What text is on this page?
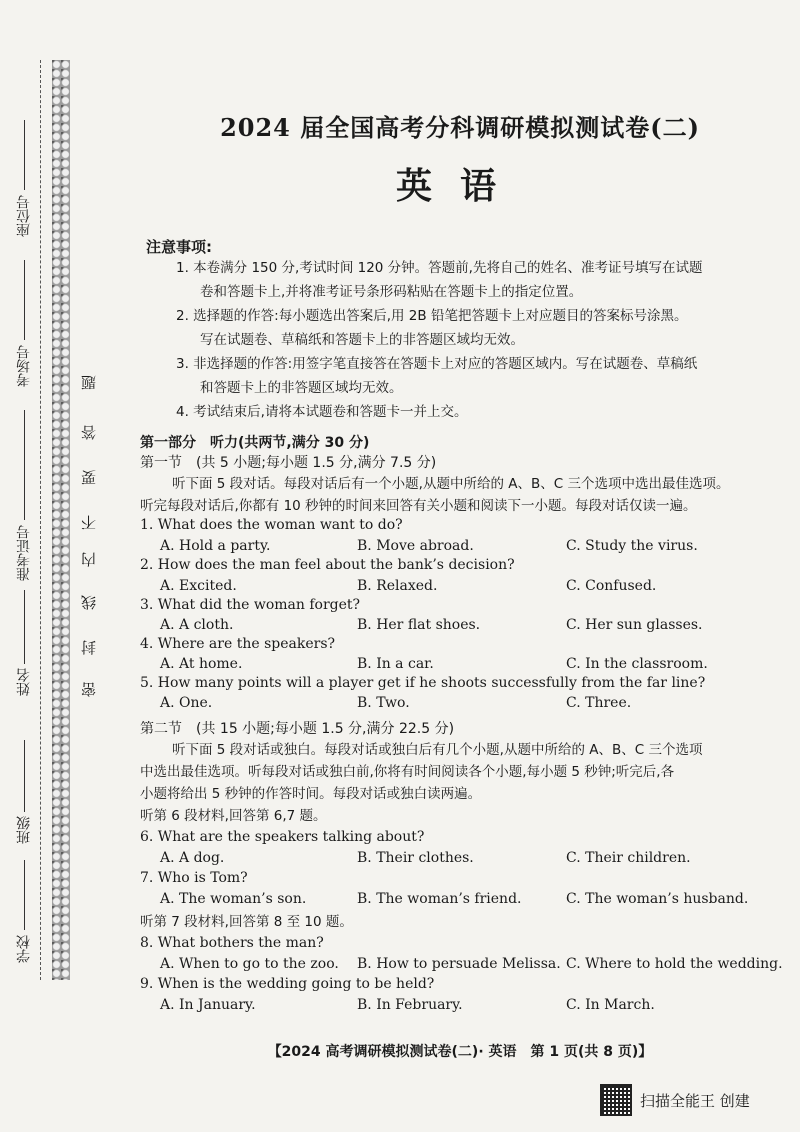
座位号
考场号
准考证号
姓名
班级
学校
题
答
要
不
内
线
封
密
2024 届全国高考分科调研模拟测试卷(二)
英语
注意事项:
1. 本卷满分 150 分,考试时间 120 分钟。答题前,先将自己的姓名、准考证号填写在试题
卷和答题卡上,并将准考证号条形码粘贴在答题卡上的指定位置。
2. 选择题的作答:每小题选出答案后,用 2B 铅笔把答题卡上对应题目的答案标号涂黑。
写在试题卷、草稿纸和答题卡上的非答题区域均无效。
3. 非选择题的作答:用签字笔直接答在答题卡上对应的答题区域内。写在试题卷、草稿纸
和答题卡上的非答题区域均无效。
4. 考试结束后,请将本试题卷和答题卡一并上交。
第一部分　听力(共两节,满分 30 分)
第一节　(共 5 小题;每小题 1.5 分,满分 7.5 分)
听下面 5 段对话。每段对话后有一个小题,从题中所给的 A、B、C 三个选项中选出最佳选项。
听完每段对话后,你都有 10 秒钟的时间来回答有关小题和阅读下一小题。每段对话仅读一遍。
1. What does the woman want to do?
A. Hold a party.	B. Move abroad.	C. Study the virus.
2. How does the man feel about the bank’s decision?
A. Excited.	B. Relaxed.	C. Confused.
3. What did the woman forget?
A. A cloth.	B. Her flat shoes.	C. Her sun glasses.
4. Where are the speakers?
A. At home.	B. In a car.	C. In the classroom.
5. How many points will a player get if he shoots successfully from the far line?
A. One.	B. Two.	C. Three.
第二节　(共 15 小题;每小题 1.5 分,满分 22.5 分)
听下面 5 段对话或独白。每段对话或独白后有几个小题,从题中所给的 A、B、C 三个选项
中选出最佳选项。听每段对话或独白前,你将有时间阅读各个小题,每小题 5 秒钟;听完后,各
小题将给出 5 秒钟的作答时间。每段对话或独白读两遍。
听第 6 段材料,回答第 6,7 题。
6. What are the speakers talking about?
A. A dog.	B. Their clothes.	C. Their children.
7. Who is Tom?
A. The woman’s son.	B. The woman’s friend.	C. The woman’s husband.
听第 7 段材料,回答第 8 至 10 题。
8. What bothers the man?
A. When to go to the zoo. B. How to persuade Melissa. C. Where to hold the wedding.
9. When is the wedding going to be held?
A. In January.	B. In February.	C. In March.
【2024 高考调研模拟测试卷(二)· 英语　第 1 页(共 8 页)】
扫描全能王 创建
